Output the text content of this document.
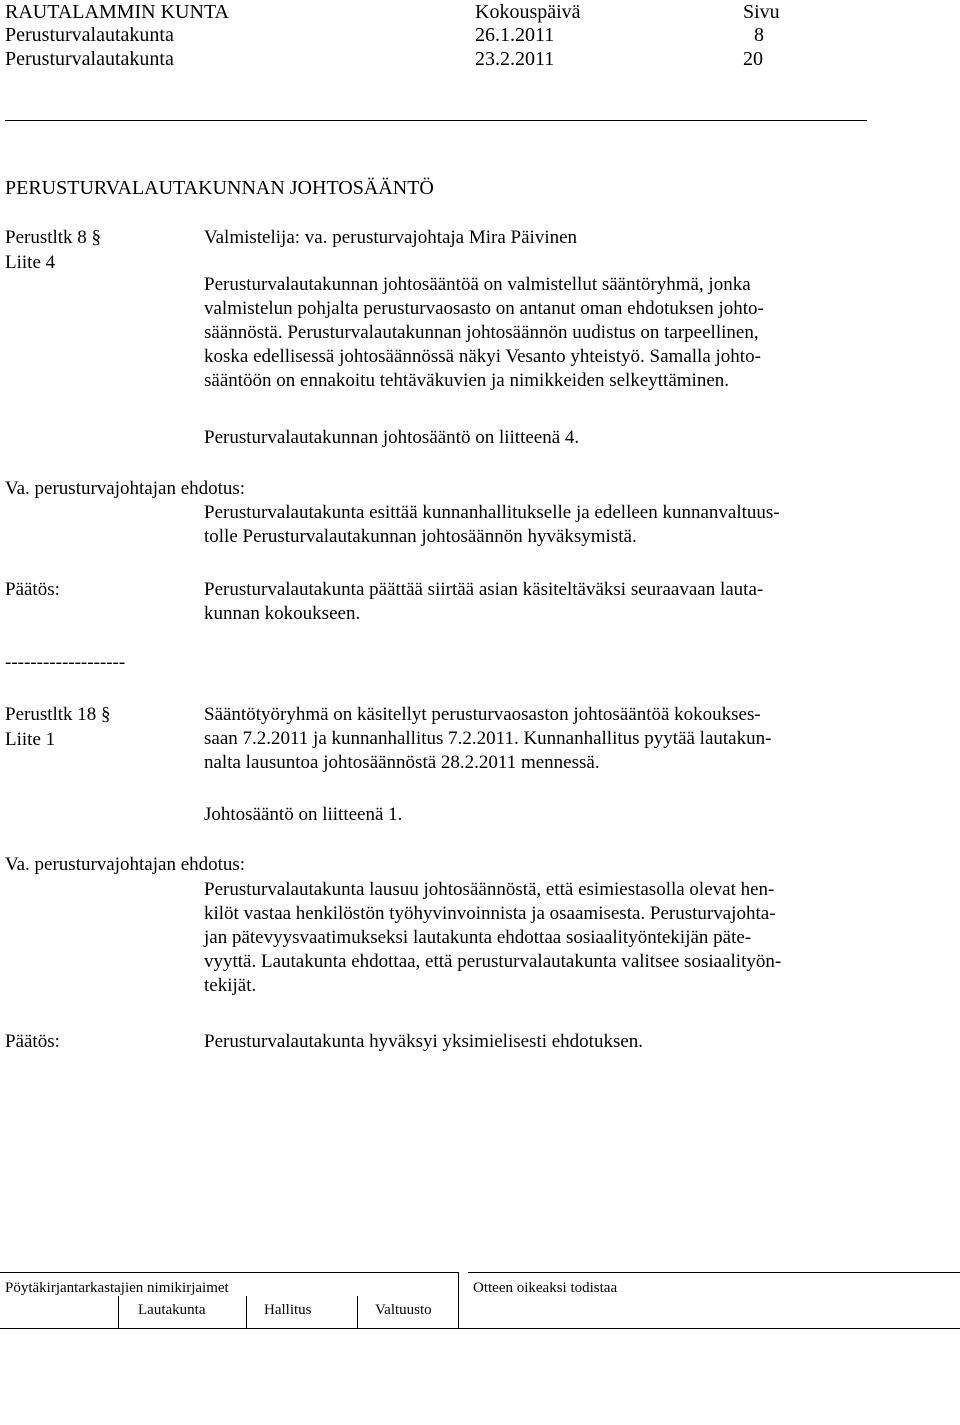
RAUTALAMMIN KUNTA	Kokouspäivä	Sivu
Perusturvalautakunta	26.1.2011	8
Perusturvalautakunta	23.2.2011	20
PERUSTURVALAUTAKUNNAN JOHTOSÄÄNTÖ
Perustltk 8 §
Liite 4
Valmistelija: va. perusturvajohtaja Mira Päivinen
Perusturvalautakunnan johtosääntöä on valmistellut sääntöryhmä, jonka
valmistelun pohjalta perusturvaosasto on antanut oman ehdotuksen johto-
säännöstä. Perusturvalautakunnan johtosäännön uudistus on tarpeellinen,
koska edellisessä johtosäännössä näkyi Vesanto yhteistyö. Samalla johto-
sääntöön on ennakoitu tehtäväkuvien ja nimikkeiden selkeyttäminen.
Perusturvalautakunnan johtosääntö on liitteenä 4.
Va. perusturvajohtajan ehdotus:
Perusturvalautakunta esittää kunnanhallitukselle ja edelleen kunnanvaltuus-
tolle Perusturvalautakunnan johtosäännön hyväksymistä.
Päätös:	Perusturvalautakunta päättää siirtää asian käsiteltäväksi seuraavaan lauta-
kunnan kokoukseen.
-------------------
Perustltk 18 §
Liite 1
Sääntötyöryhmä on käsitellyt perusturvaosaston johtosääntöä kokoukses-
saan 7.2.2011 ja kunnanhallitus 7.2.2011. Kunnanhallitus pyytää lautakun-
nalta lausuntoa johtosäännöstä 28.2.2011 mennessä.
Johtosääntö on liitteenä 1.
Va. perusturvajohtajan ehdotus:
Perusturvalautakunta lausuu johtosäännöstä, että esimiestasolla olevat hen-
kilöt vastaa henkilöstön työhyvinvoinnista ja osaamisesta. Perusturvajohta-
jan pätevyysvaatimukseksi lautakunta ehdottaa sosiaalityöntekijän päte-
vyyttä. Lautakunta ehdottaa, että perusturvalautakunta valitsee sosiaalityön-
tekijät.
Päätös:	Perusturvalautakunta hyväksyi yksimielisesti ehdotuksen.
Pöytäkirjantarkastajien nimikirjaimet	Otteen oikeaksi todistaa
Lautakunta	Hallitus	Valtuusto
